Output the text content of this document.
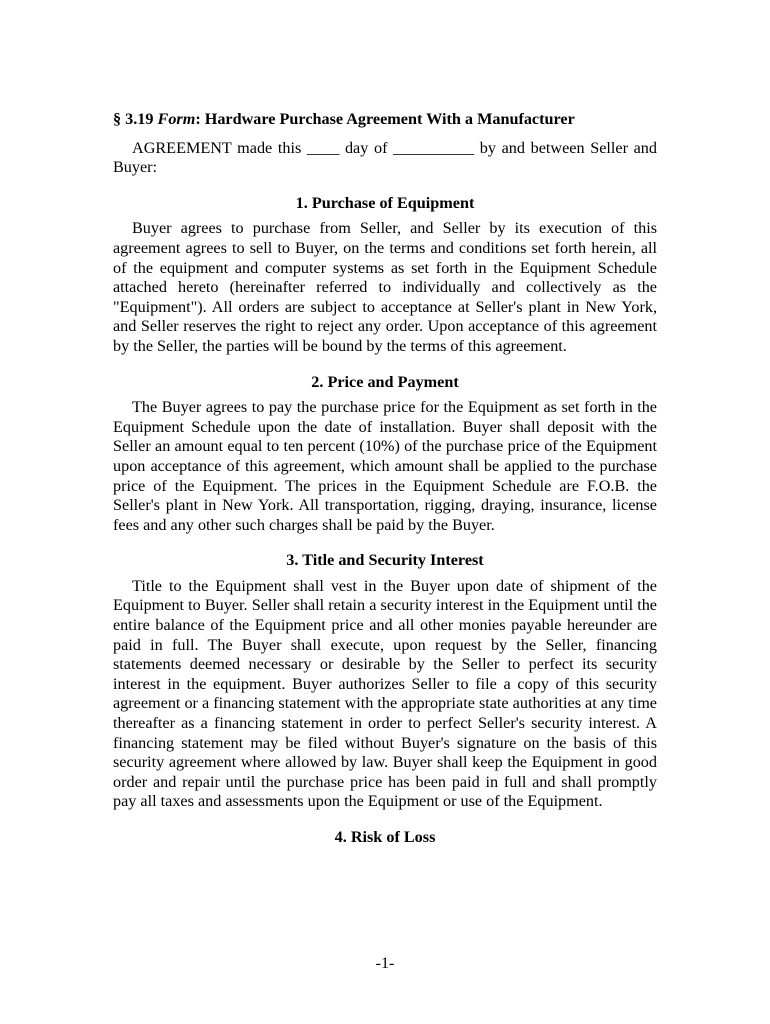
§ 3.19 Form: Hardware Purchase Agreement With a Manufacturer

AGREEMENT made this ____ day of __________ by and between Seller and Buyer:

1. Purchase of Equipment

Buyer agrees to purchase from Seller, and Seller by its execution of this agreement agrees to sell to Buyer, on the terms and conditions set forth herein, all of the equipment and computer systems as set forth in the Equipment Schedule attached hereto (hereinafter referred to individually and collectively as the "Equipment"). All orders are subject to acceptance at Seller's plant in New York, and Seller reserves the right to reject any order. Upon acceptance of this agreement by the Seller, the parties will be bound by the terms of this agreement.

2. Price and Payment

The Buyer agrees to pay the purchase price for the Equipment as set forth in the Equipment Schedule upon the date of installation. Buyer shall deposit with the Seller an amount equal to ten percent (10%) of the purchase price of the Equipment upon acceptance of this agreement, which amount shall be applied to the purchase price of the Equipment. The prices in the Equipment Schedule are F.O.B. the Seller's plant in New York. All transportation, rigging, draying, insurance, license fees and any other such charges shall be paid by the Buyer.

3. Title and Security Interest

Title to the Equipment shall vest in the Buyer upon date of shipment of the Equipment to Buyer. Seller shall retain a security interest in the Equipment until the entire balance of the Equipment price and all other monies payable hereunder are paid in full. The Buyer shall execute, upon request by the Seller, financing statements deemed necessary or desirable by the Seller to perfect its security interest in the equipment. Buyer authorizes Seller to file a copy of this security agreement or a financing statement with the appropriate state authorities at any time thereafter as a financing statement in order to perfect Seller's security interest. A financing statement may be filed without Buyer's signature on the basis of this security agreement where allowed by law. Buyer shall keep the Equipment in good order and repair until the purchase price has been paid in full and shall promptly pay all taxes and assessments upon the Equipment or use of the Equipment.

4. Risk of Loss
-1-
